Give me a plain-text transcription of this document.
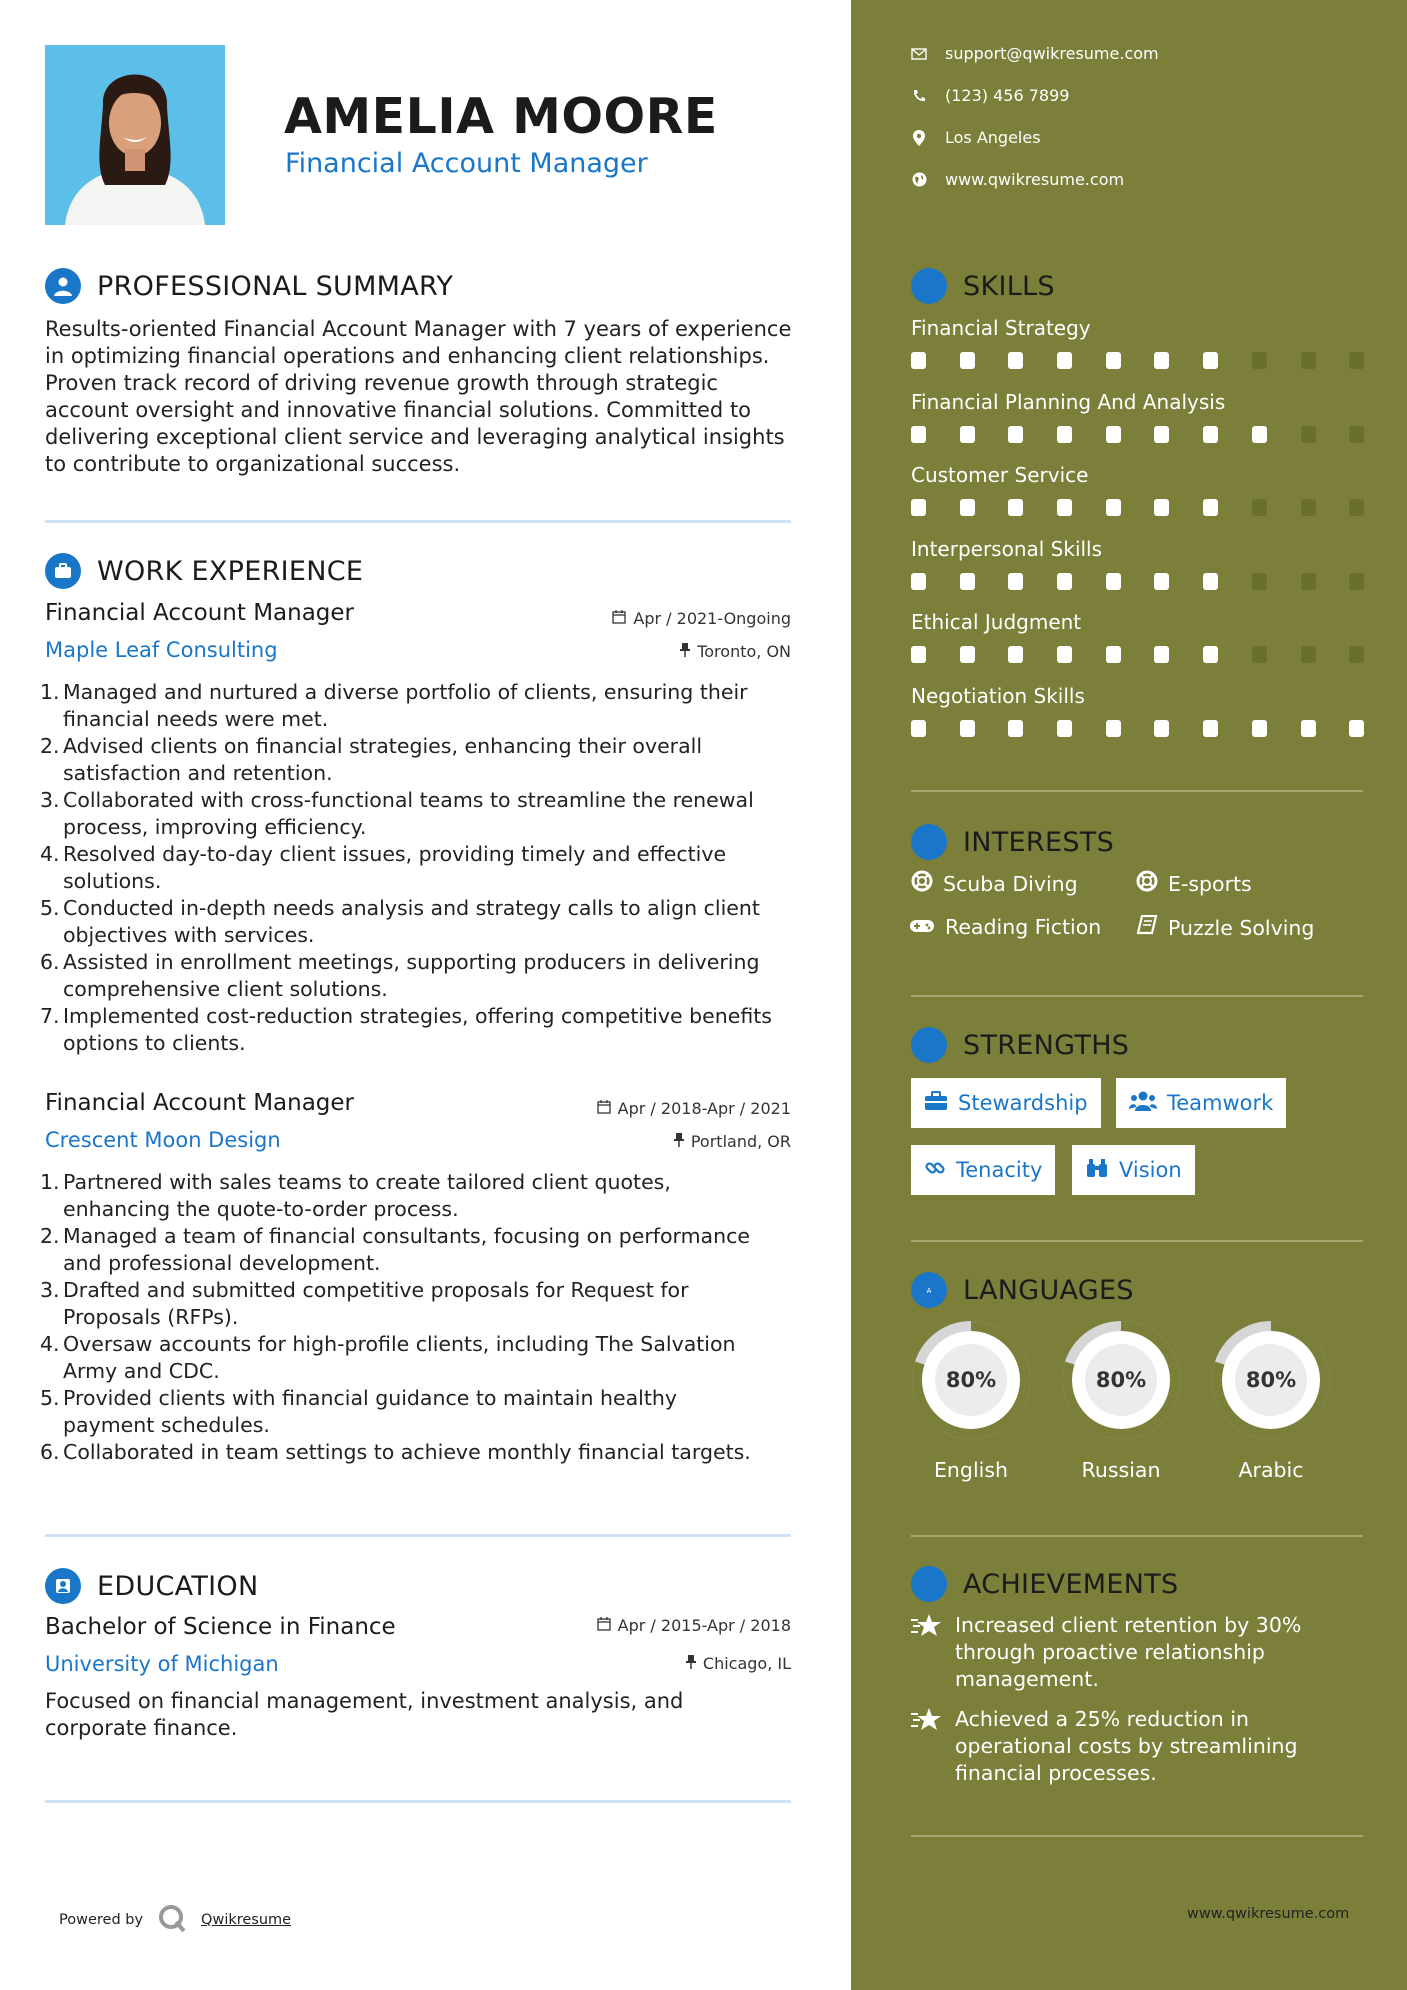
AMELIA MOORE
Financial Account Manager
PROFESSIONAL SUMMARY
Results-oriented Financial Account Manager with 7 years of experience in optimizing financial operations and enhancing client relationships. Proven track record of driving revenue growth through strategic account oversight and innovative financial solutions. Committed to delivering exceptional client service and leveraging analytical insights to contribute to organizational success.
WORK EXPERIENCE
Financial Account Manager
Maple Leaf Consulting
Apr / 2021-Ongoing
Toronto, ON
1. Managed and nurtured a diverse portfolio of clients, ensuring their
financial needs were met.
2. Advised clients on financial strategies, enhancing their overall
satisfaction and retention.
3. Collaborated with cross-functional teams to streamline the renewal
process, improving efficiency.
4. Resolved day-to-day client issues, providing timely and effective
solutions.
5. Conducted in-depth needs analysis and strategy calls to align client
objectives with services.
6. Assisted in enrollment meetings, supporting producers in delivering
comprehensive client solutions.
7. Implemented cost-reduction strategies, offering competitive benefits
options to clients.
Financial Account Manager
Crescent Moon Design
Apr / 2018-Apr / 2021
Portland, OR
1. Partnered with sales teams to create tailored client quotes,
enhancing the quote-to-order process.
2. Managed a team of financial consultants, focusing on performance
and professional development.
3. Drafted and submitted competitive proposals for Request for
Proposals (RFPs).
4. Oversaw accounts for high-profile clients, including The Salvation
Army and CDC.
5. Provided clients with financial guidance to maintain healthy
payment schedules.
6. Collaborated in team settings to achieve monthly financial targets.
EDUCATION
Bachelor of Science in Finance
University of Michigan
Apr / 2015-Apr / 2018
Chicago, IL
Focused on financial management, investment analysis, and corporate finance.
Powered by	Qwikresume
support@qwikresume.com
(123) 456 7899
Los Angeles
www.qwikresume.com
SKILLS
Financial Strategy
Financial Planning And Analysis
Customer Service
Interpersonal Skills
Ethical Judgment
Negotiation Skills
INTERESTS
Scuba Diving	E-sports
Reading Fiction	Puzzle Solving
STRENGTHS
Stewardship	Teamwork
Tenacity	Vision
A LANGUAGES
80%
English
80%
Russian
80%
Arabic
ACHIEVEMENTS
Increased client retention by 30%
through proactive relationship
management.
Achieved a 25% reduction in
operational costs by streamlining
financial processes.
www.qwikresume.com
